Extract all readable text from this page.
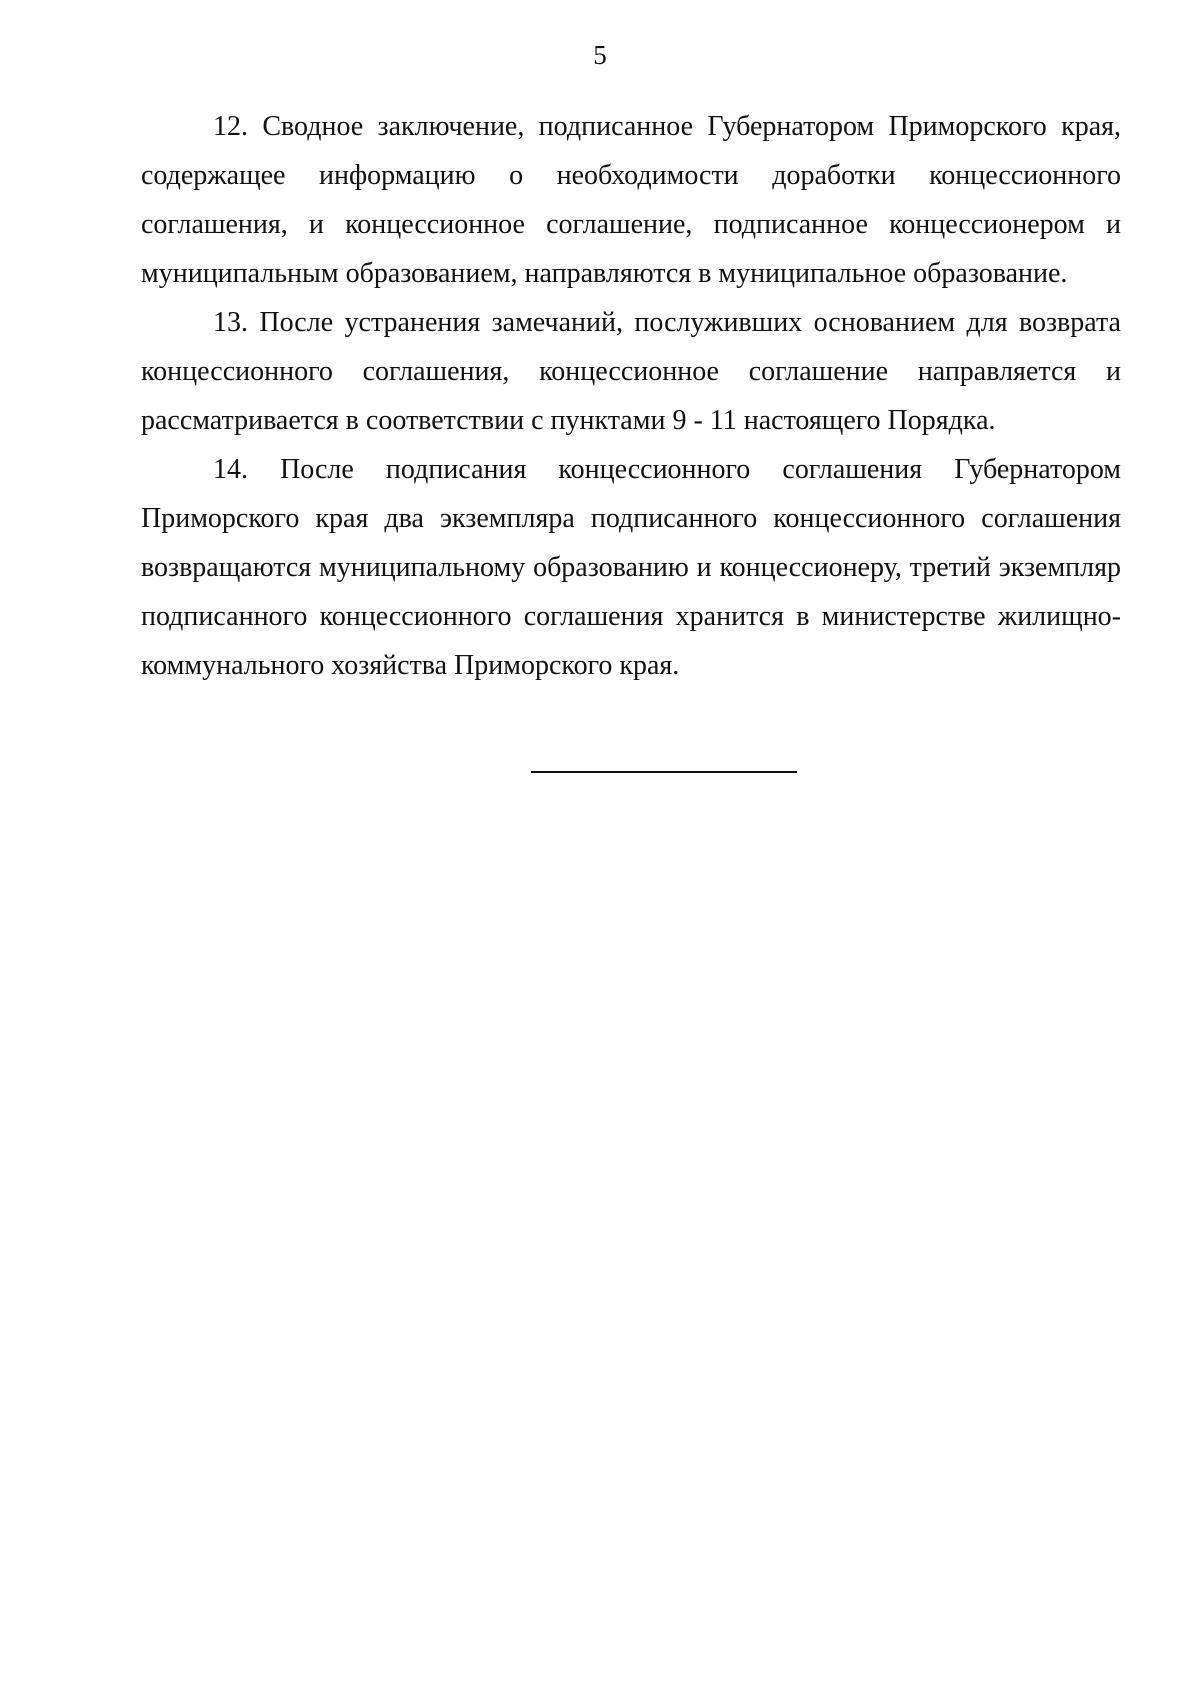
5

12. Сводное заключение, подписанное Губернатором Приморского края, содержащее информацию о необходимости доработки концессионного соглашения, и концессионное соглашение, подписанное концессионером и муниципальным образованием, направляются в муниципальное образование.

13. После устранения замечаний, послуживших основанием для возврата концессионного соглашения, концессионное соглашение направляется и рассматривается в соответствии с пунктами 9 - 11 настоящего Порядка.

14. После подписания концессионного соглашения Губернатором Приморского края два экземпляра подписанного концессионного соглашения возвращаются муниципальному образованию и концессионеру, третий экземпляр подписанного концессионного соглашения хранится в министерстве жилищно-коммунального хозяйства Приморского края.
